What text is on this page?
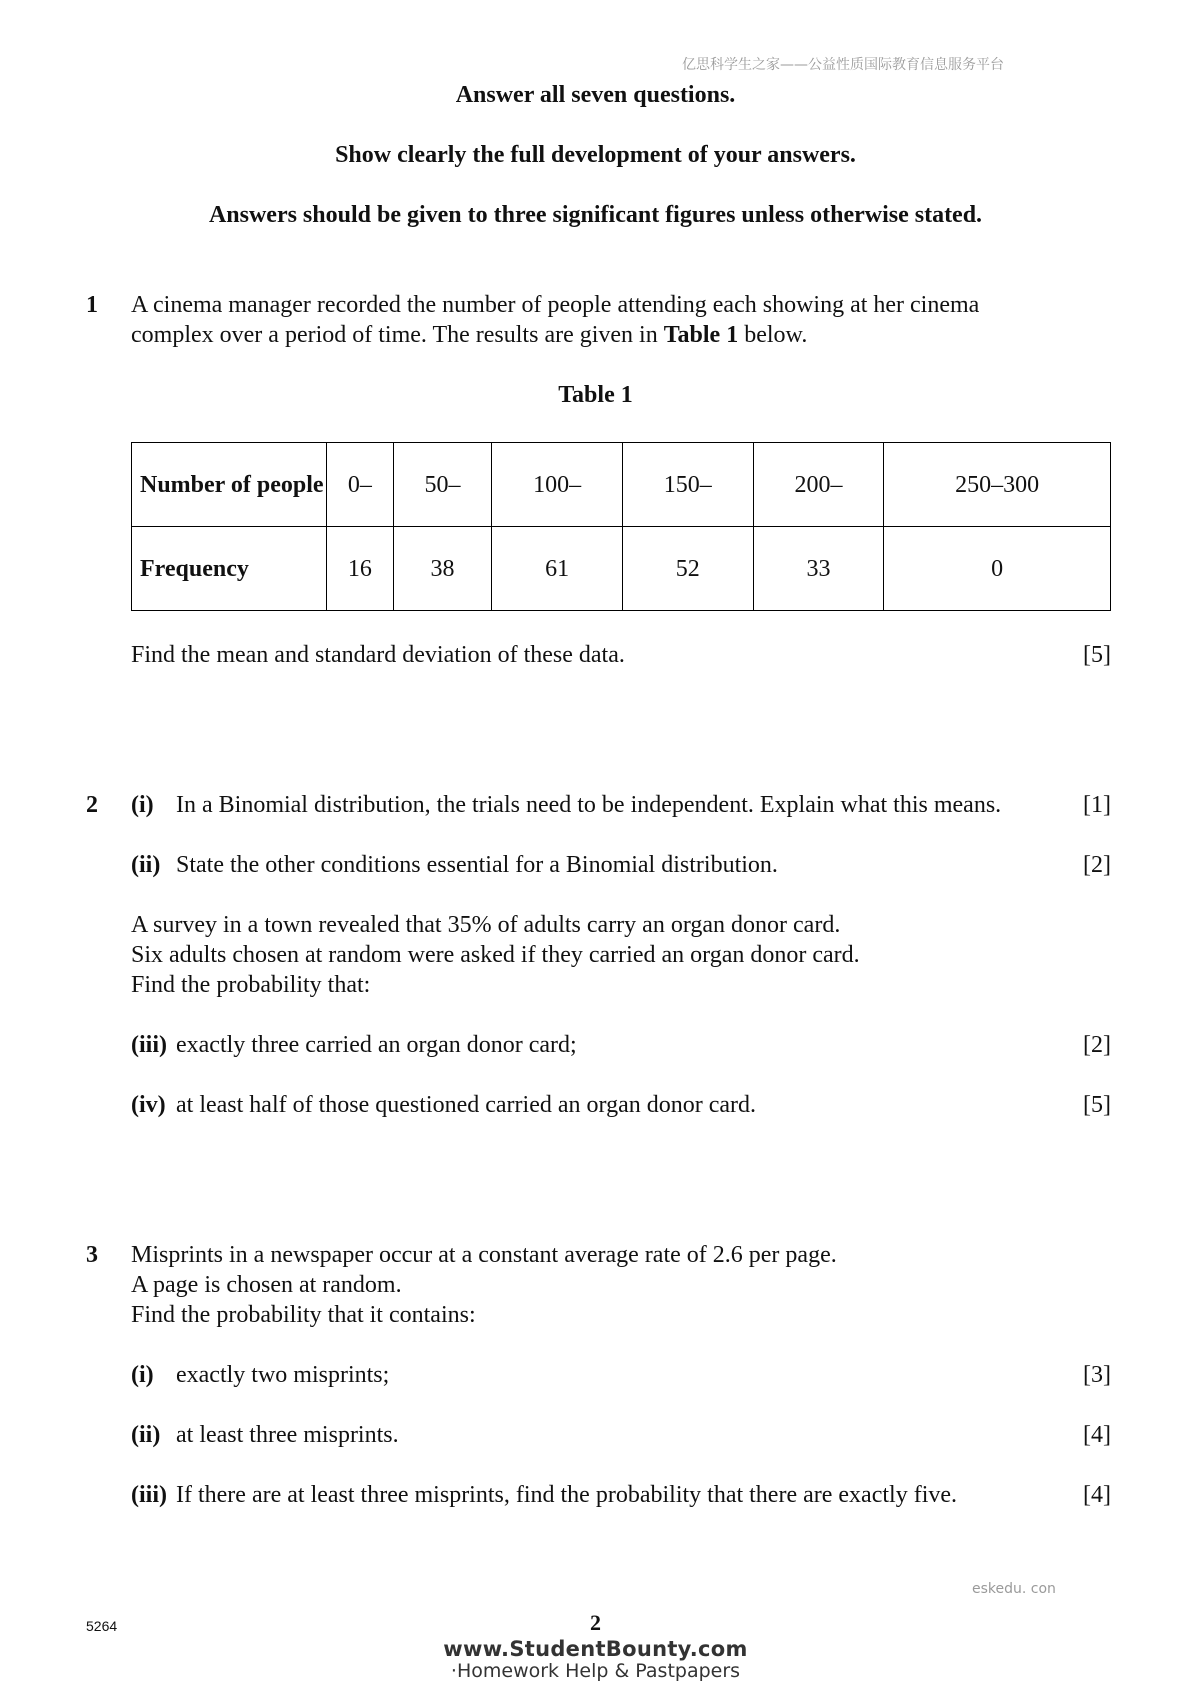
亿思科学生之家——公益性质国际教育信息服务平台
Answer all seven questions.
Show clearly the full development of your answers.
Answers should be given to three significant figures unless otherwise stated.
1 A cinema manager recorded the number of people attending each showing at her cinema
complex over a period of time. The results are given in Table 1 below.
Table 1
Number of people	0–	50–	100–	150–	200–	250–300
Frequency	16	38	61	52	33	0
Find the mean and standard deviation of these data.	[5]
2 (i) In a Binomial distribution, the trials need to be independent. Explain what this means.	[1]
(ii) State the other conditions essential for a Binomial distribution.	[2]
A survey in a town revealed that 35% of adults carry an organ donor card.
Six adults chosen at random were asked if they carried an organ donor card.
Find the probability that:
(iii) exactly three carried an organ donor card;	[2]
(iv) at least half of those questioned carried an organ donor card.	[5]
3 Misprints in a newspaper occur at a constant average rate of 2.6 per page.
A page is chosen at random.
Find the probability that it contains:
(i) exactly two misprints;	[3]
(ii) at least three misprints.	[4]
(iii) If there are at least three misprints, find the probability that there are exactly five.	[4]
eskedu. con
5264	2
www.StudentBounty.com
·Homework Help & Pastpapers
